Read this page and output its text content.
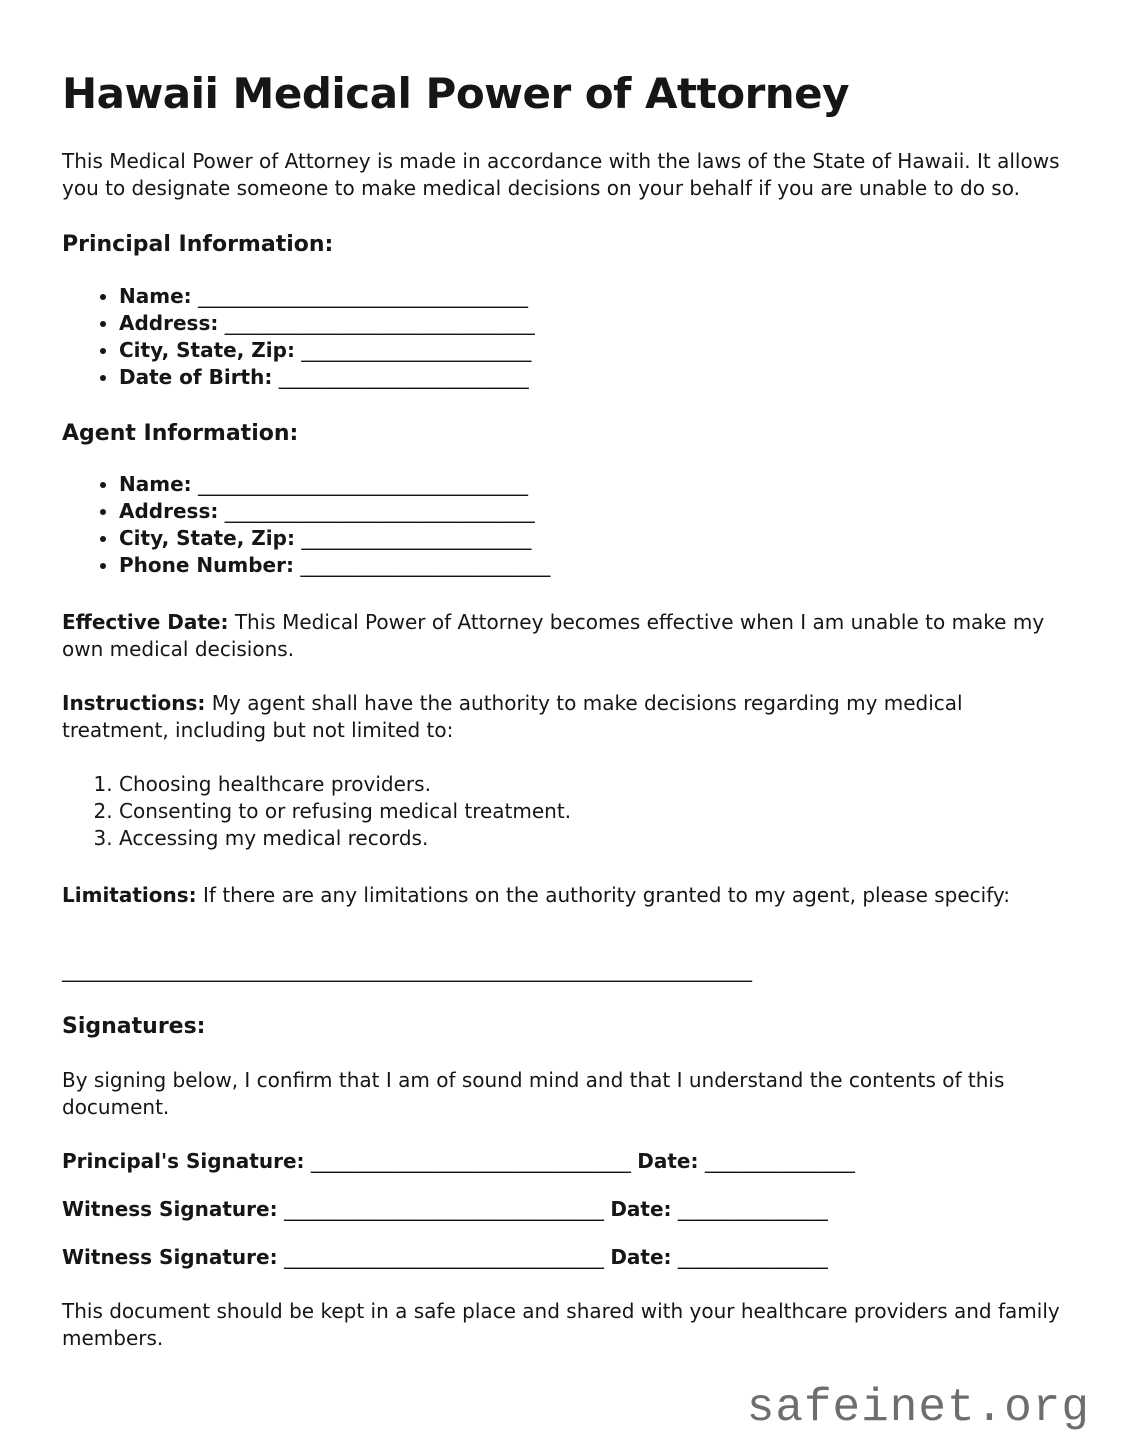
Hawaii Medical Power of Attorney

This Medical Power of Attorney is made in accordance with the laws of the State of Hawaii. It allows you to designate someone to make medical decisions on your behalf if you are unable to do so.

Principal Information:
• Name: _________________________________
• Address: _______________________________
• City, State, Zip: _______________________
• Date of Birth: _________________________
Agent Information:
• Name: _________________________________
• Address: _______________________________
• City, State, Zip: _______________________
• Phone Number: _________________________

Effective Date: This Medical Power of Attorney becomes effective when I am unable to make my own medical decisions.

Instructions: My agent shall have the authority to make decisions regarding my medical treatment, including but not limited to:

1. Choosing healthcare providers.
2. Consenting to or refusing medical treatment.
3. Accessing my medical records.

Limitations: If there are any limitations on the authority granted to my agent, please specify:

_____________________________________________________________________

Signatures:

By signing below, I confirm that I am of sound mind and that I understand the contents of this document.

Principal's Signature: ________________________________ Date: _______________

Witness Signature: ________________________________ Date: _______________

Witness Signature: ________________________________ Date: _______________

This document should be kept in a safe place and shared with your healthcare providers and family members.

safeinet.org
